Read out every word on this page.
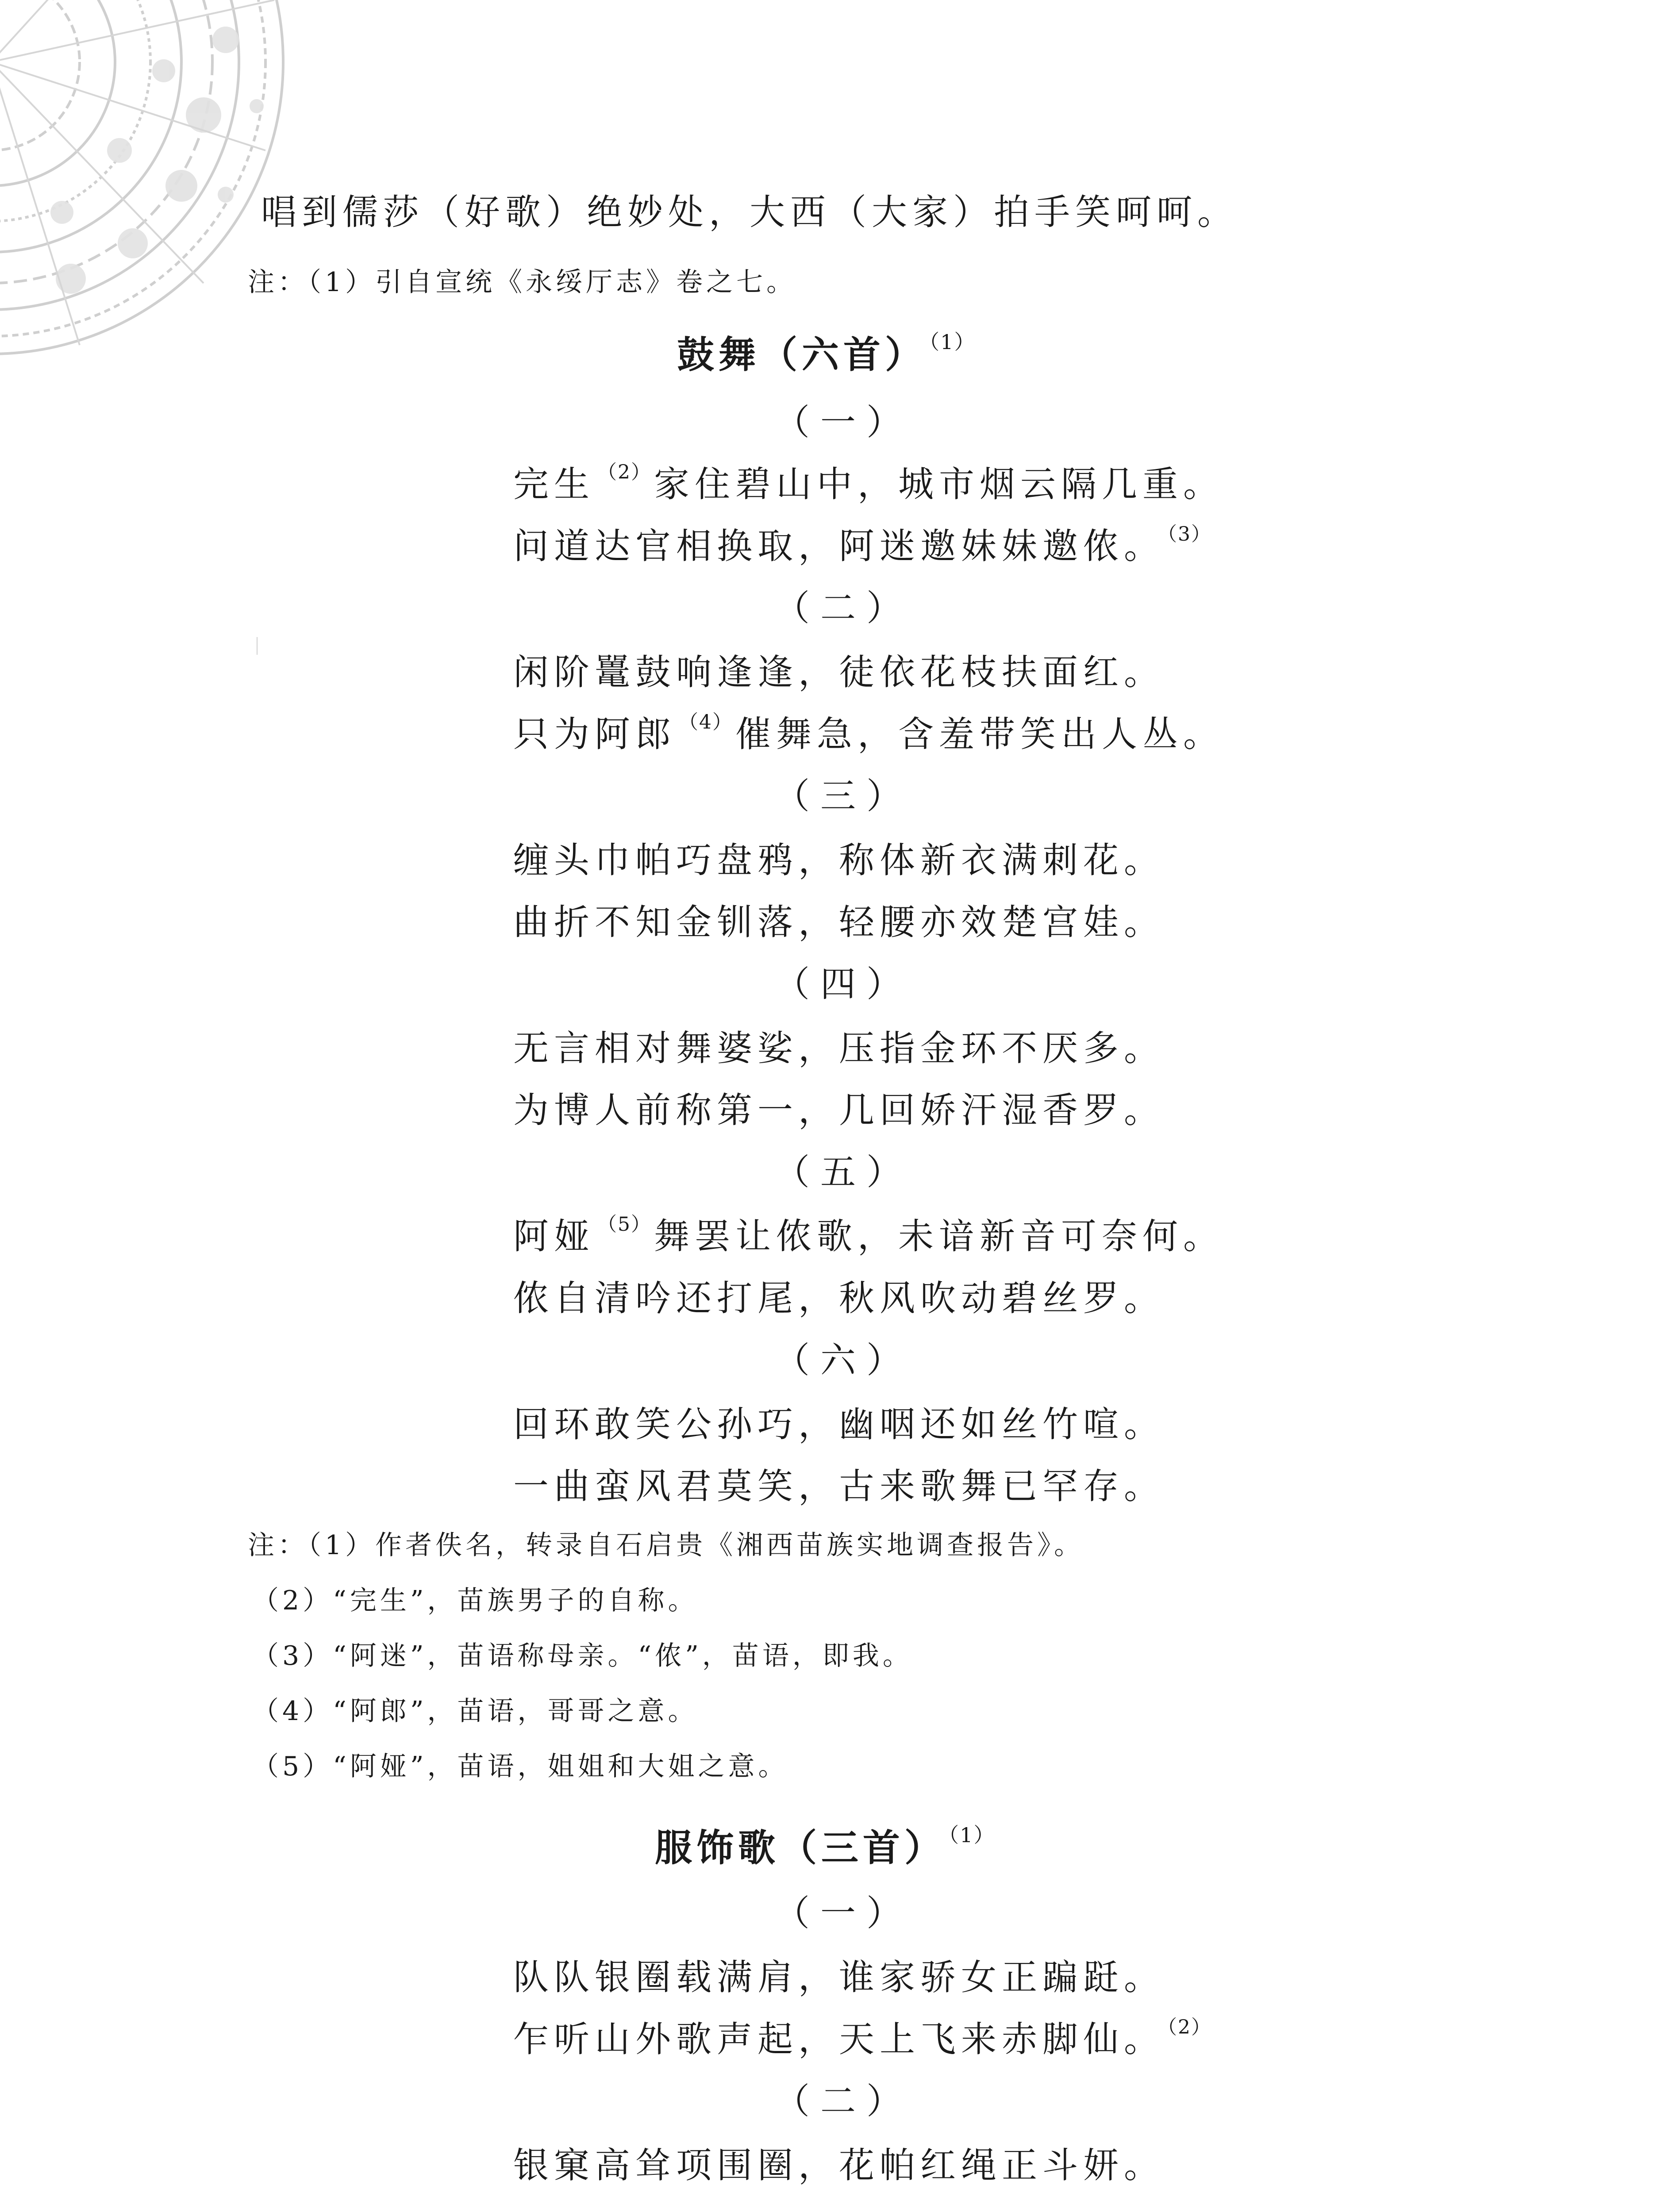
唱到儒莎（好歌）绝妙处，大西（大家）拍手笑呵呵。
注：（1）引自宣统《永绥厅志》卷之七。
鼓舞（六首） $^{(1)}$
（一）
完生 $^{(2)}$家住碧山中，城市烟云隔几重。
问道达官相换取，阿迷邀妹妹邀侬。 $^{(3)}$
（二）
闲阶鼍鼓响逢逢，徒依花枝扶面红。
只为阿郎 $^{(4)}$催舞急，含羞带笑出人丛。
（三）
缠头巾帕巧盘鸦，称体新衣满刺花。
曲折不知金钏落，轻腰亦效楚宫娃。
（四）
无言相对舞婆娑，压指金环不厌多。
为博人前称第一，几回娇汗湿香罗。
（五）
阿娅 $^{(5)}$舞罢让侬歌，未谙新音可奈何。
侬自清吟还打尾，秋风吹动碧丝罗。
（六）
回环敢笑公孙巧，幽咽还如丝竹喧。
一曲蛮风君莫笑，古来歌舞已罕存。
注：（1）作者佚名，转录自石启贵《湘西苗族实地调查报告》。
（2）“完生”，苗族男子的自称。
（3）“阿迷”，苗语称母亲。“侬”，苗语，即我。
（4）“阿郎”，苗语，哥哥之意。
（5）“阿娅”，苗语，姐姐和大姐之意。
服饰歌（三首） $^{(1)}$
（一）
队队银圈载满肩，谁家骄女正蹁跹。
乍听山外歌声起，天上飞来赤脚仙。 $^{(2)}$
（二）
银窠高耸项围圈，花帕红绳正斗妍。
